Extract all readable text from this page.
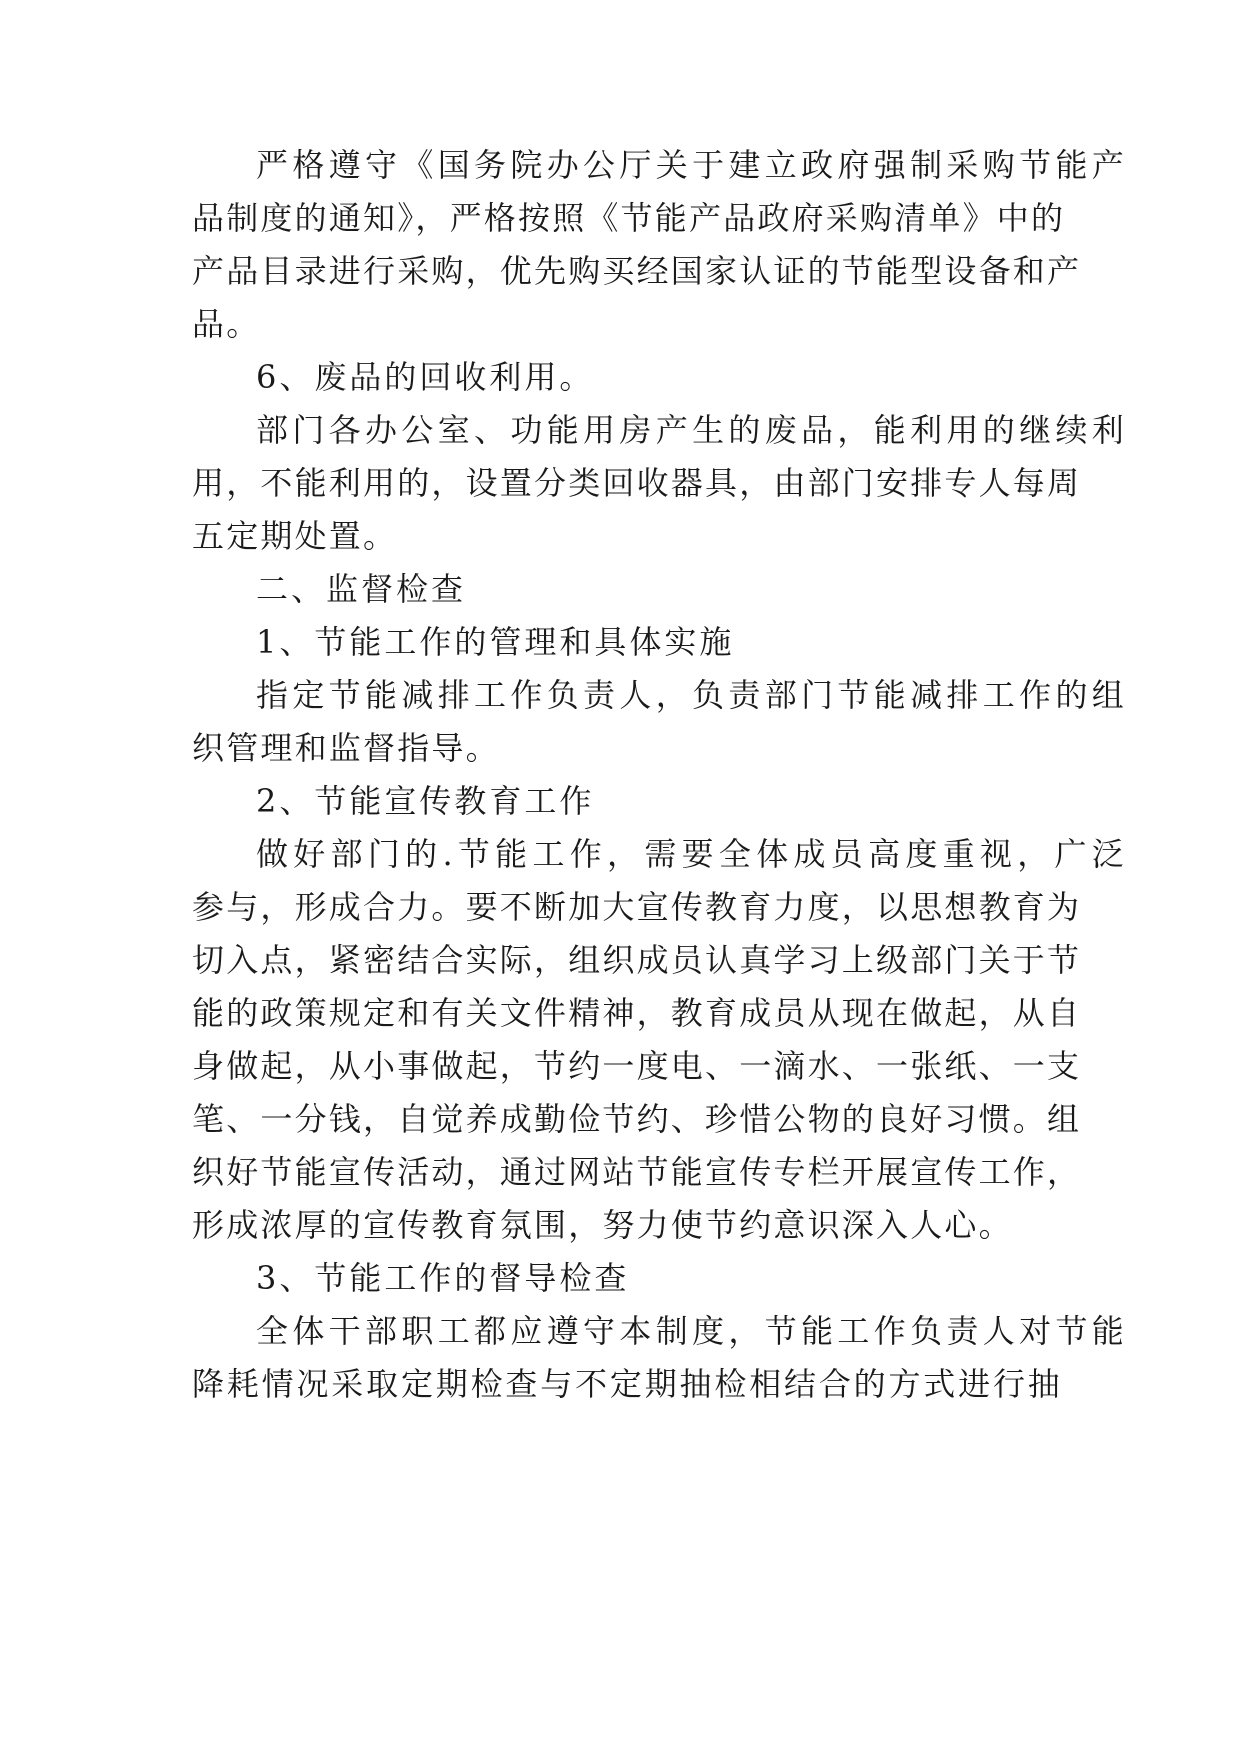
严格遵守《国务院办公厅关于建立政府强制采购节能产
品制度的通知》，严格按照《节能产品政府采购清单》中的
产品目录进行采购，优先购买经国家认证的节能型设备和产
品。
6、废品的回收利用。
部门各办公室、功能用房产生的废品，能利用的继续利
用，不能利用的，设置分类回收器具，由部门安排专人每周
五定期处置。
二、监督检查
1、节能工作的管理和具体实施
指定节能减排工作负责人，负责部门节能减排工作的组
织管理和监督指导。
2、节能宣传教育工作
做好部门的.节能工作，需要全体成员高度重视，广泛
参与，形成合力。要不断加大宣传教育力度，以思想教育为
切入点，紧密结合实际，组织成员认真学习上级部门关于节
能的政策规定和有关文件精神，教育成员从现在做起，从自
身做起，从小事做起，节约一度电、一滴水、一张纸、一支
笔、一分钱，自觉养成勤俭节约、珍惜公物的良好习惯。组
织好节能宣传活动，通过网站节能宣传专栏开展宣传工作，
形成浓厚的宣传教育氛围，努力使节约意识深入人心。
3、节能工作的督导检查
全体干部职工都应遵守本制度，节能工作负责人对节能
降耗情况采取定期检查与不定期抽检相结合的方式进行抽
